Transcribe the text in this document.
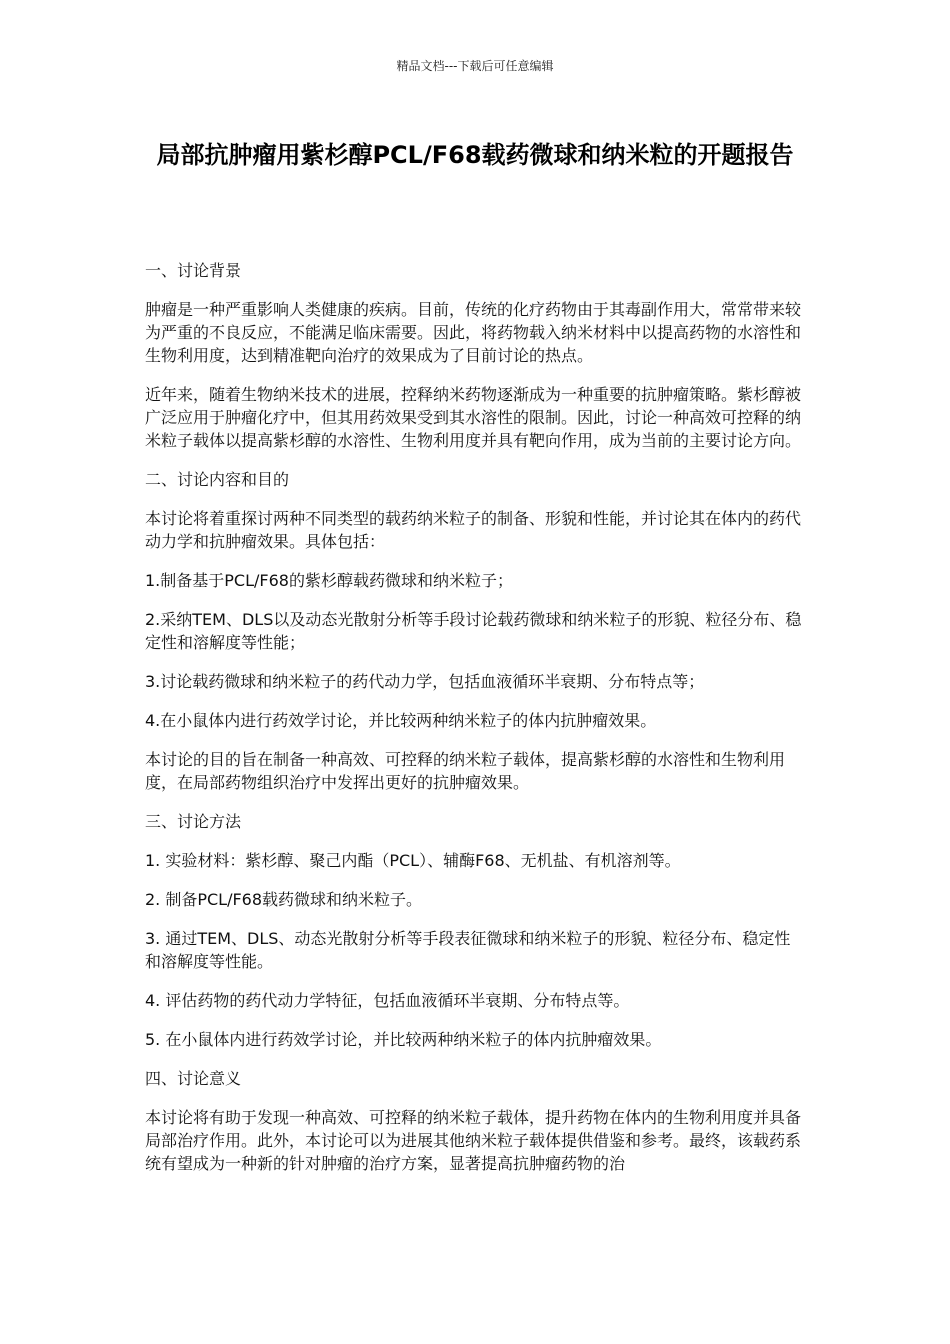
精品文档---下载后可任意编辑
局部抗肿瘤用紫杉醇PCL/F68载药微球和纳米粒的开题报告

一、讨论背景

肿瘤是一种严重影响人类健康的疾病。目前，传统的化疗药物由于其毒副作用大，常常带来较为严重的不良反应，不能满足临床需要。因此，将药物载入纳米材料中以提高药物的水溶性和生物利用度，达到精准靶向治疗的效果成为了目前讨论的热点。

近年来，随着生物纳米技术的进展，控释纳米药物逐渐成为一种重要的抗肿瘤策略。紫杉醇被广泛应用于肿瘤化疗中，但其用药效果受到其水溶性的限制。因此，讨论一种高效可控释的纳米粒子载体以提高紫杉醇的水溶性、生物利用度并具有靶向作用，成为当前的主要讨论方向。

二、讨论内容和目的

本讨论将着重探讨两种不同类型的载药纳米粒子的制备、形貌和性能，并讨论其在体内的药代动力学和抗肿瘤效果。具体包括：

1.制备基于PCL/F68的紫杉醇载药微球和纳米粒子；

2.采纳TEM、DLS以及动态光散射分析等手段讨论载药微球和纳米粒子的形貌、粒径分布、稳定性和溶解度等性能；

3.讨论载药微球和纳米粒子的药代动力学，包括血液循环半衰期、分布特点等；

4.在小鼠体内进行药效学讨论，并比较两种纳米粒子的体内抗肿瘤效果。

本讨论的目的旨在制备一种高效、可控释的纳米粒子载体，提高紫杉醇的水溶性和生物利用度，在局部药物组织治疗中发挥出更好的抗肿瘤效果。

三、讨论方法

1. 实验材料：紫杉醇、聚己内酯（PCL）、辅酶F68、无机盐、有机溶剂等。

2. 制备PCL/F68载药微球和纳米粒子。

3. 通过TEM、DLS、动态光散射分析等手段表征微球和纳米粒子的形貌、粒径分布、稳定性和溶解度等性能。

4. 评估药物的药代动力学特征，包括血液循环半衰期、分布特点等。

5. 在小鼠体内进行药效学讨论，并比较两种纳米粒子的体内抗肿瘤效果。

四、讨论意义

本讨论将有助于发现一种高效、可控释的纳米粒子载体，提升药物在体内的生物利用度并具备局部治疗作用。此外，本讨论可以为进展其他纳米粒子载体提供借鉴和参考。最终，该载药系统有望成为一种新的针对肿瘤的治疗方案，显著提高抗肿瘤药物的治
